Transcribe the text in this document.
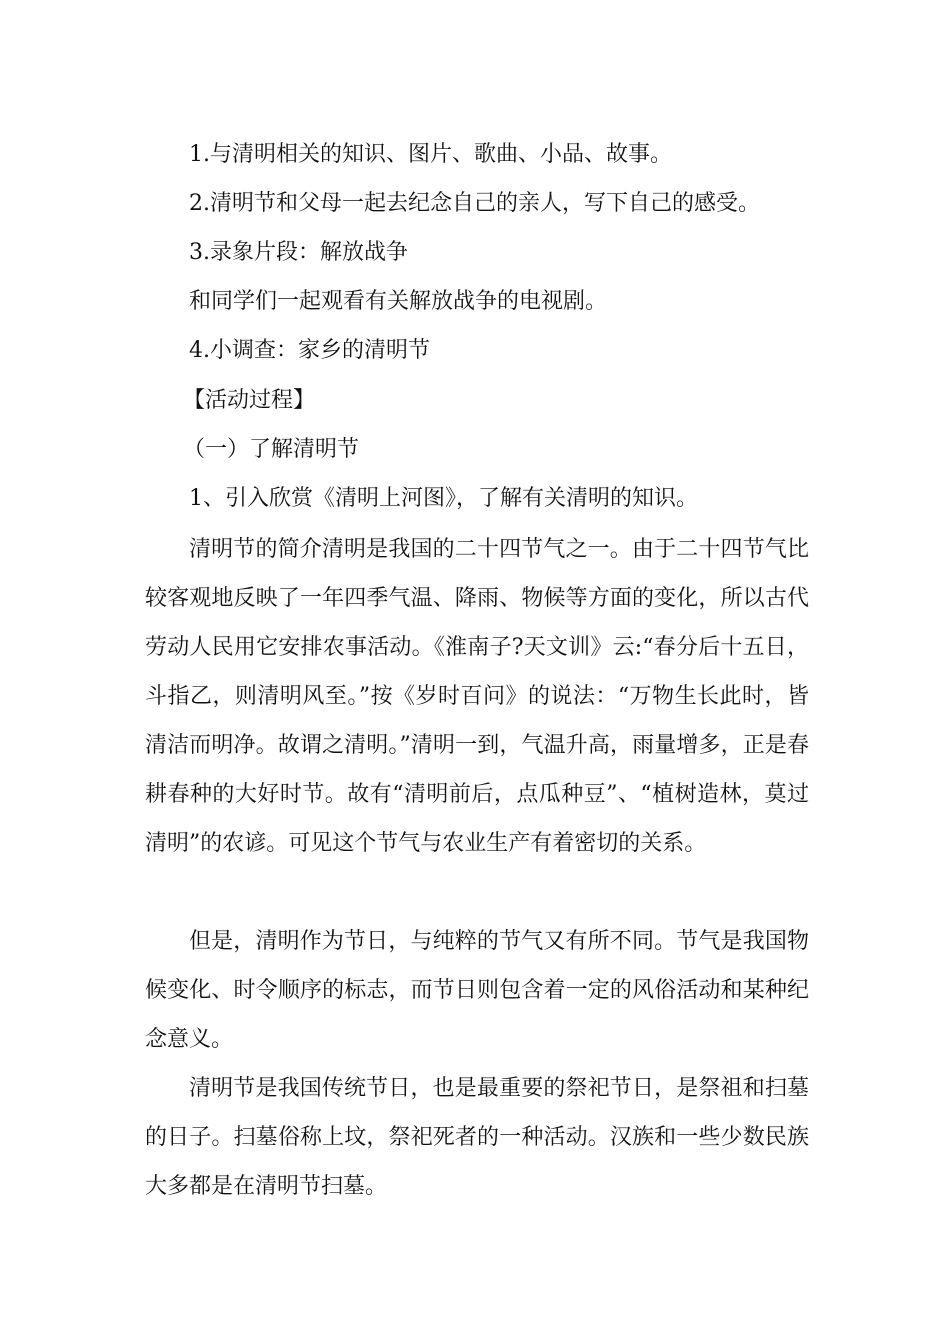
1.与清明相关的知识、图片、歌曲、小品、故事。
2.清明节和父母一起去纪念自己的亲人，写下自己的感受。
3.录象片段：解放战争
和同学们一起观看有关解放战争的电视剧。
4.小调查：家乡的清明节
【活动过程】
（一）了解清明节
1、引入欣赏《清明上河图》，了解有关清明的知识。
清明节的简介清明是我国的二十四节气之一。由于二十四节气比较客观地反映了一年四季气温、降雨、物候等方面的变化，所以古代劳动人民用它安排农事活动。《淮南子?天文训》云:“春分后十五日，斗指乙，则清明风至。”按《岁时百问》的说法：“万物生长此时，皆清洁而明净。故谓之清明。”清明一到，气温升高，雨量增多，正是春耕春种的大好时节。故有“清明前后，点瓜种豆”、“植树造林，莫过清明”的农谚。可见这个节气与农业生产有着密切的关系。
但是，清明作为节日，与纯粹的节气又有所不同。节气是我国物候变化、时令顺序的标志，而节日则包含着一定的风俗活动和某种纪念意义。
清明节是我国传统节日，也是最重要的祭祀节日，是祭祖和扫墓的日子。扫墓俗称上坟，祭祀死者的一种活动。汉族和一些少数民族大多都是在清明节扫墓。
